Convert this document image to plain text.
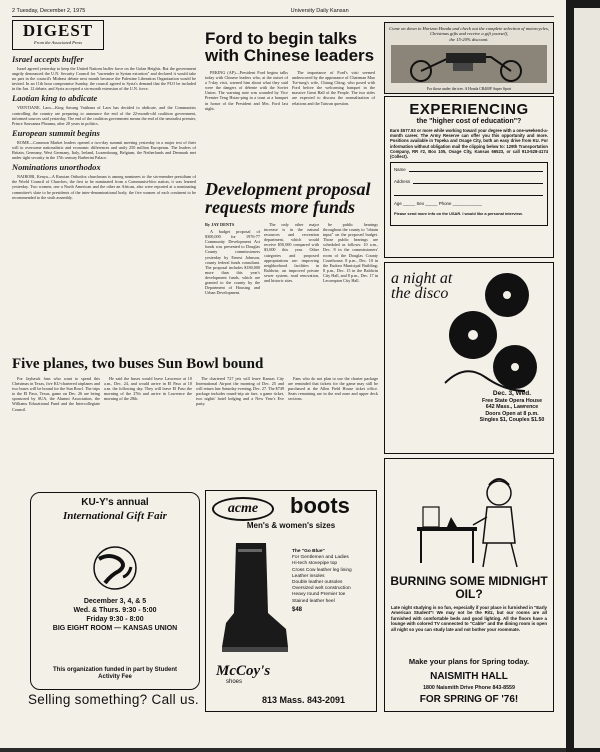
2 Tuesday, December 2, 1975	University Daily Kansan
DIGEST
From the Associated Press
Israel accepts buffer

Israel agreed yesterday to keep the United Nations buffer force on the Golan Heights. But the government angrily denounced the U.N. Security Council for "surrender to Syrian extortion" and declared it would take no part in the council's Mideast debate next month because the Palestine Liberation Organization would be invited. In an 11th hour compromise Sunday, the council agreed to Syria's demand that the PLO be included in the Jan. 12 debate, and Syria accepted a six-month extension of the U.N. force.

Laotian king to abdicate

VIENTIANE, Laos—King Savang Vatthana of Laos has decided to abdicate, and the Communists controlling the country are preparing to announce the end of the 22-month-old coalition government, informed sources said yesterday. The end of the coalition government means the end of the neutralist premier, Prince Souvanna Phouma, after 20 years in politics.

European summit begins

ROME—Common Market leaders opened a two-day summit meeting yesterday in a major test of their will to overcome nationalistic and economic differences and unify 250 million Europeans. The leaders of Britain, Germany, West Germany, Italy, Ireland, Luxembourg, Belgium, the Netherlands and Denmark met under tight security in the 17th century Barberini Palace.

Nominations unorthodox

NAIROBI, Kenya—A Russian Orthodox churchman is among nominees to the six-member presidium of the World Council of Churches, the first to be nominated from a Communist-bloc nation, it was learned yesterday. Two women, one a North American and the other an African, also were reported at a nominating committee's slate to be presidents of the inter-denominational body, the five women of each continent to be recommended to the sixth assembly.

Ford to begin talks with Chinese leaders

PEKING (AP)—President Ford begins talks today with Chinese leaders who, at the outset of a 5-day visit, warned him about what they said were the dangers of détente with the Soviet Union. The warning note was sounded by Vice Premier Teng Hsiao-ping in a toast at a banquet in honor of the President and Mrs. Ford last night.

The importance of Ford's visit seemed underscored by the appearance of Chairman Mao Tse-tung's wife, Chiang Ching, who posed with Ford before the welcoming banquet in the massive Great Hall of the People. The two sides are expected to discuss the normalization of relations and the Taiwan question.

Development proposal requests more funds
By JAY DENTS

A budget proposal of $300,000 for 1976-77 Community Development Act funds was presented to Douglas County commissioners yesterday by Ernest Johnson, county federal funds consultant. The proposal includes $180,000 more than this year's development funds, which are granted to the county by the Department of Housing and Urban Development.

The only other major increase is in the natural resources and recreation department, which would receive $50,000 compared with $3,000 this year. Other categories and proposed appropriations are: improving neighborhood facilities in Baldwin; an improved private sewer system; road renovation, and historic sites.

be public hearings throughout the county to "obtain input" on the proposed budget. Those public hearings are scheduled as follows: 10 a.m., Dec. 8 in the commissioners' room of the Douglas County Courthouse; 8 p.m., Dec. 10 in the Eudora Municipal Building; 8 p.m., Dec. 15 in the Baldwin City Hall, and 8 p.m., Dec. 17 in Lecompton City Hall.

Five planes, two buses Sun Bowl bound

For Jayhawk fans who want to spend this Christmas in Texas, five KU-chartered airplanes and two buses will be bound for the Sun Bowl. The trips to the El Paso, Texas, game on Dec. 26 are being sponsored by SUA, the Alumni Association, the Williams Educational Fund and the Intercollegiate Council.

He said the buses would leave Lawrence at 10 a.m., Dec. 24, and would arrive in El Paso at 10 a.m. the following day. They will leave El Paso the morning of the 27th and arrive in Lawrence the morning of the 28th.

The chartered 727 jets will leave Kansas City International Airport the morning of Dec. 25 and will return late Saturday evening, Dec. 27. The $749 package includes round-trip air fare, a game ticket, two nights' hotel lodging and a New Year's Eve party.

Fans who do not plan to use the charter package are reminded that tickets for the game may still be purchased at the Allen Field House ticket office. Seats remaining are in the end zone and upper deck sections.

Come on down to Horizon Honda and check out the complete selection of motorcycles,
Christmas gifts and receive a gift yourself,
the 15-20% discount.
For those under the tree. A Honda CB400F Super Sport
EXPERIENCING
the "higher cost of education"?
Earn $577.93 or more while working toward your degree with a one-weekend-a-month career. The Army Reserve can offer you this opportunity and more. Positions available in Topeka and Osage City, both an easy drive from KU. For information without obligation mail the clipping below to: 129th Transportation Company, RR #2, Box 105, Osage City, Kansas 66523, or call 913-528-4174 (Collect).
Name
Address
Age _____ Sex _____ Phone ____________
Please send more info on the USAR. I would like a personal interview.
a night at the disco
Dec. 3, Wed.
Free State Opera House
642 Mass., Lawrence
Doors Open at 8 p.m.
Singles $1, Couples $1.50
KU-Y's annual
International Gift Fair
December 3, 4, & 5
Wed. & Thurs. 9:30 - 5:00
Friday 9:30 - 8:00
BIG EIGHT ROOM — KANSAS UNION
This organization funded in part by Student Activity Fee
Selling something? Call us.
acme	boots
Men's & women's sizes
The "Go Blue"
For Gentlemen and Ladies
Hi-tech stovepipe top
Cross Cow leather leg lining
Leather insoles
Double leather outsoles
Oversized welt construction
Heavy round Premier toe
Stained leather heel
$48
McCoy's
shoes
813 Mass. 843-2091
BURNING SOME MIDNIGHT OIL?
Late night studying is no fun, especially if your place is furnished in "Early American Student"! We may not be the Ritz, but our rooms are all furnished with comfortable beds and good lighting. All the floors have a lounge with colored TV connected to "Cable" and the dining room is open all night so you can study late and not bother your roommate.
Make your plans for Spring today.
NAISMITH HALL
1800 Naismith Drive Phone 843-8559
FOR SPRING OF '76!
